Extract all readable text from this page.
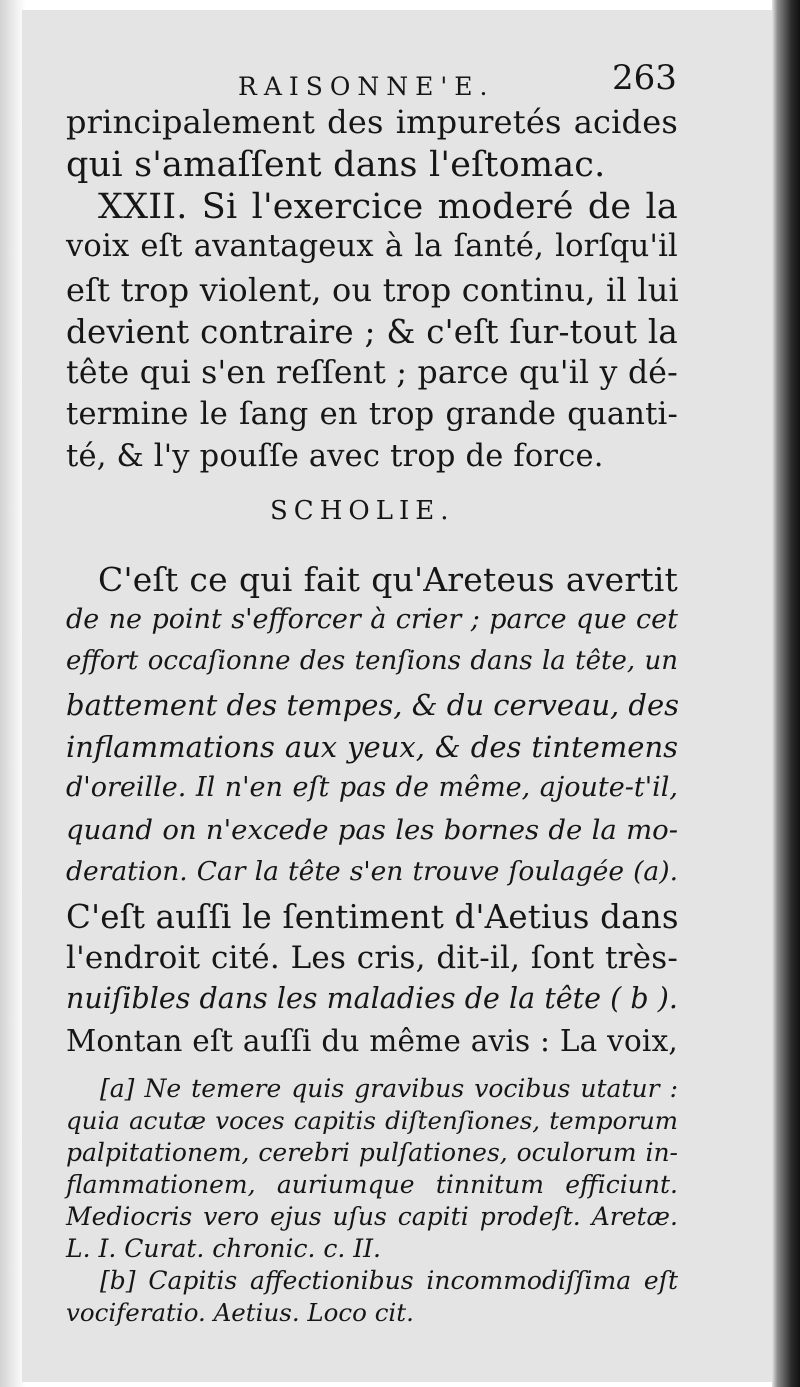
RAISONNE'E.	263
principalement des impuretés acides
qui s'amaſſent dans l'eſtomac.
XXII. Si l'exercice moderé de la
voix eſt avantageux à la ſanté, lorſqu'il
eſt trop violent, ou trop continu, il lui
devient contraire ; & c'eſt ſur-tout la
tête qui s'en reſſent ; parce qu'il y dé-
termine le ſang en trop grande quanti-
té, & l'y pouſſe avec trop de force.
SCHOLIE.
C'eſt ce qui fait qu'Areteus avertit
de ne point s'efforcer à crier ; parce que cet
effort occaſionne des tenſions dans la tête, un
battement des tempes, & du cerveau, des
inflammations aux yeux, & des tintemens
d'oreille. Il n'en eſt pas de même, ajoute-t'il,
quand on n'excede pas les bornes de la mo-
deration. Car la tête s'en trouve ſoulagée (a).
C'eſt auſſi le ſentiment d'Aetius dans
l'endroit cité. Les cris, dit-il, ſont très-
nuiſibles dans les maladies de la tête ( b ).
Montan eſt auſſi du même avis : La voix,
[a] Ne temere quis gravibus vocibus utatur :
quia acutæ voces capitis diſtenſiones, temporum
palpitationem, cerebri pulſationes, oculorum in-
flammationem, auriumque tinnitum efficiunt.
Mediocris vero ejus uſus capiti prodeſt. Aretæ.
L. I. Curat. chronic. c. II.
[b] Capitis affectionibus incommodiſſima eſt
vociferatio. Aetius. Loco cit.
